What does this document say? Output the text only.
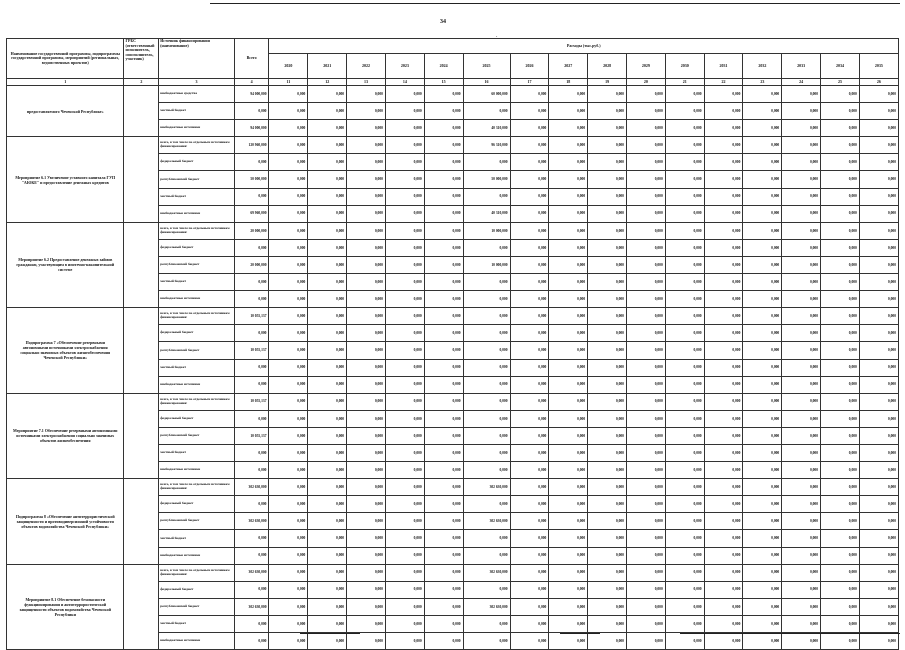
34
.
Наименование государственной программы, подпрограммы государственной программы, мероприятий (региональных, ведомственных проектов)	ГРБС (ответственный исполнитель, соисполнитель, участник)	Источник финансирования (наименование)	Всего	Расходы (тыс.руб.)															
				2020	2021	2022	2023	2024	2025	2026	2027	2028	2029	2030	2031	2032	2033	2034	2035
1	2	3	4	11	12	13	14	15	16	17	18	19	20	21	22	23	24	25	26
предоставляемого Чеченской Республике»		внебюджетные средства	94 000,000	0,000	0,000	0,000	0,000	0,000	60 000,000	0,000	0,000	0,000	0,000	0,000	0,000	0,000	0,000	0,000	0,000
		местный бюджет	0,000	0,000	0,000	0,000	0,000	0,000	0,000	0,000	0,000	0,000	0,000	0,000	0,000	0,000	0,000	0,000	0,000
		внебюджетные источники	94 000,000	0,000	0,000	0,000	0,000	0,000	40 310,000	0,000	0,000	0,000	0,000	0,000	0,000	0,000	0,000	0,000	0,000
Мероприятие 6.1 Увеличение уставного капитала ГУП "АЮКЕ" и предоставление денежных кредитов		всего, в том числе по отдельным источникам финансирования:	120 960,000	0,000	0,000	0,000	0,000	0,000	96 310,000	0,000	0,000	0,000	0,000	0,000	0,000	0,000	0,000	0,000	0,000
		федеральный бюджет	0,000	0,000	0,000	0,000	0,000	0,000	0,000	0,000	0,000	0,000	0,000	0,000	0,000	0,000	0,000	0,000	0,000
		республиканский бюджет	50 000,000	0,000	0,000	0,000	0,000	0,000	50 000,000	0,000	0,000	0,000	0,000	0,000	0,000	0,000	0,000	0,000	0,000
		местный бюджет	0,000	0,000	0,000	0,000	0,000	0,000	0,000	0,000	0,000	0,000	0,000	0,000	0,000	0,000	0,000	0,000	0,000
		внебюджетные источники	69 960,000	0,000	0,000	0,000	0,000	0,000	40 310,000	0,000	0,000	0,000	0,000	0,000	0,000	0,000	0,000	0,000	0,000
Мероприятие 6.2 Предоставление денежных займов гражданам, участвующим в ипотечно-накопительной системе		всего, в том числе по отдельным источникам финансирования:	20 000,000	0,000	0,000	0,000	0,000	0,000	10 000,000	0,000	0,000	0,000	0,000	0,000	0,000	0,000	0,000	0,000	0,000
		федеральный бюджет	0,000	0,000	0,000	0,000	0,000	0,000	0,000	0,000	0,000	0,000	0,000	0,000	0,000	0,000	0,000	0,000	0,000
		республиканский бюджет	20 000,000	0,000	0,000	0,000	0,000	0,000	10 000,000	0,000	0,000	0,000	0,000	0,000	0,000	0,000	0,000	0,000	0,000
		местный бюджет	0,000	0,000	0,000	0,000	0,000	0,000	0,000	0,000	0,000	0,000	0,000	0,000	0,000	0,000	0,000	0,000	0,000
		внебюджетные источники	0,000	0,000	0,000	0,000	0,000	0,000	0,000	0,000	0,000	0,000	0,000	0,000	0,000	0,000	0,000	0,000	0,000
Подпрограмма 7 «Обеспечение резервными автономными источниками электроснабжения социально значимых объектов жизнеобеспечения Чеченской Республики»		всего, в том числе по отдельным источникам финансирования:	10 055,137	0,000	0,000	0,000	0,000	0,000	0,000	0,000	0,000	0,000	0,000	0,000	0,000	0,000	0,000	0,000	0,000
		федеральный бюджет	0,000	0,000	0,000	0,000	0,000	0,000	0,000	0,000	0,000	0,000	0,000	0,000	0,000	0,000	0,000	0,000	0,000
		республиканский бюджет	10 055,137	0,000	0,000	0,000	0,000	0,000	0,000	0,000	0,000	0,000	0,000	0,000	0,000	0,000	0,000	0,000	0,000
		местный бюджет	0,000	0,000	0,000	0,000	0,000	0,000	0,000	0,000	0,000	0,000	0,000	0,000	0,000	0,000	0,000	0,000	0,000
		внебюджетные источники	0,000	0,000	0,000	0,000	0,000	0,000	0,000	0,000	0,000	0,000	0,000	0,000	0,000	0,000	0,000	0,000	0,000
Мероприятие 7.1 Обеспечение резервными автономными источниками электроснабжения социально значимых объектов жизнеобеспечения		всего, в том числе по отдельным источникам финансирования:	10 055,137	0,000	0,000	0,000	0,000	0,000	0,000	0,000	0,000	0,000	0,000	0,000	0,000	0,000	0,000	0,000	0,000
		федеральный бюджет	0,000	0,000	0,000	0,000	0,000	0,000	0,000	0,000	0,000	0,000	0,000	0,000	0,000	0,000	0,000	0,000	0,000
		республиканский бюджет	10 055,137	0,000	0,000	0,000	0,000	0,000	0,000	0,000	0,000	0,000	0,000	0,000	0,000	0,000	0,000	0,000	0,000
		местный бюджет	0,000	0,000	0,000	0,000	0,000	0,000	0,000	0,000	0,000	0,000	0,000	0,000	0,000	0,000	0,000	0,000	0,000
		внебюджетные источники	0,000	0,000	0,000	0,000	0,000	0,000	0,000	0,000	0,000	0,000	0,000	0,000	0,000	0,000	0,000	0,000	0,000
Подпрограмма 8 «Обеспечение антитеррористической защищенности и противодиверсионной устойчивости объектов водохозяйства Чеченской Республики»		всего, в том числе по отдельным источникам финансирования:	302 630,000	0,000	0,000	0,000	0,000	0,000	302 630,000	0,000	0,000	0,000	0,000	0,000	0,000	0,000	0,000	0,000	0,000
		федеральный бюджет	0,000	0,000	0,000	0,000	0,000	0,000	0,000	0,000	0,000	0,000	0,000	0,000	0,000	0,000	0,000	0,000	0,000
		республиканский бюджет	302 630,000	0,000	0,000	0,000	0,000	0,000	302 630,000	0,000	0,000	0,000	0,000	0,000	0,000	0,000	0,000	0,000	0,000
		местный бюджет	0,000	0,000	0,000	0,000	0,000	0,000	0,000	0,000	0,000	0,000	0,000	0,000	0,000	0,000	0,000	0,000	0,000
		внебюджетные источники	0,000	0,000	0,000	0,000	0,000	0,000	0,000	0,000	0,000	0,000	0,000	0,000	0,000	0,000	0,000	0,000	0,000
Мероприятие 8.1 Обеспечение безопасности функционирования и антитеррористической защищенности объектов водохозяйства Чеченской Республики		всего, в том числе по отдельным источникам финансирования:	302 630,000	0,000	0,000	0,000	0,000	0,000	302 630,000	0,000	0,000	0,000	0,000	0,000	0,000	0,000	0,000	0,000	0,000
		федеральный бюджет	0,000	0,000	0,000	0,000	0,000	0,000	0,000	0,000	0,000	0,000	0,000	0,000	0,000	0,000	0,000	0,000	0,000
		республиканский бюджет	302 630,000	0,000	0,000	0,000	0,000	0,000	302 630,000	0,000	0,000	0,000	0,000	0,000	0,000	0,000	0,000	0,000	0,000
		местный бюджет	0,000	0,000	0,000	0,000	0,000	0,000	0,000	0,000	0,000	0,000	0,000	0,000	0,000	0,000	0,000	0,000	0,000
		внебюджетные источники	0,000	0,000	0,000	0,000	0,000	0,000	0,000	0,000	0,000	0,000	0,000	0,000	0,000	0,000	0,000	0,000	0,000
